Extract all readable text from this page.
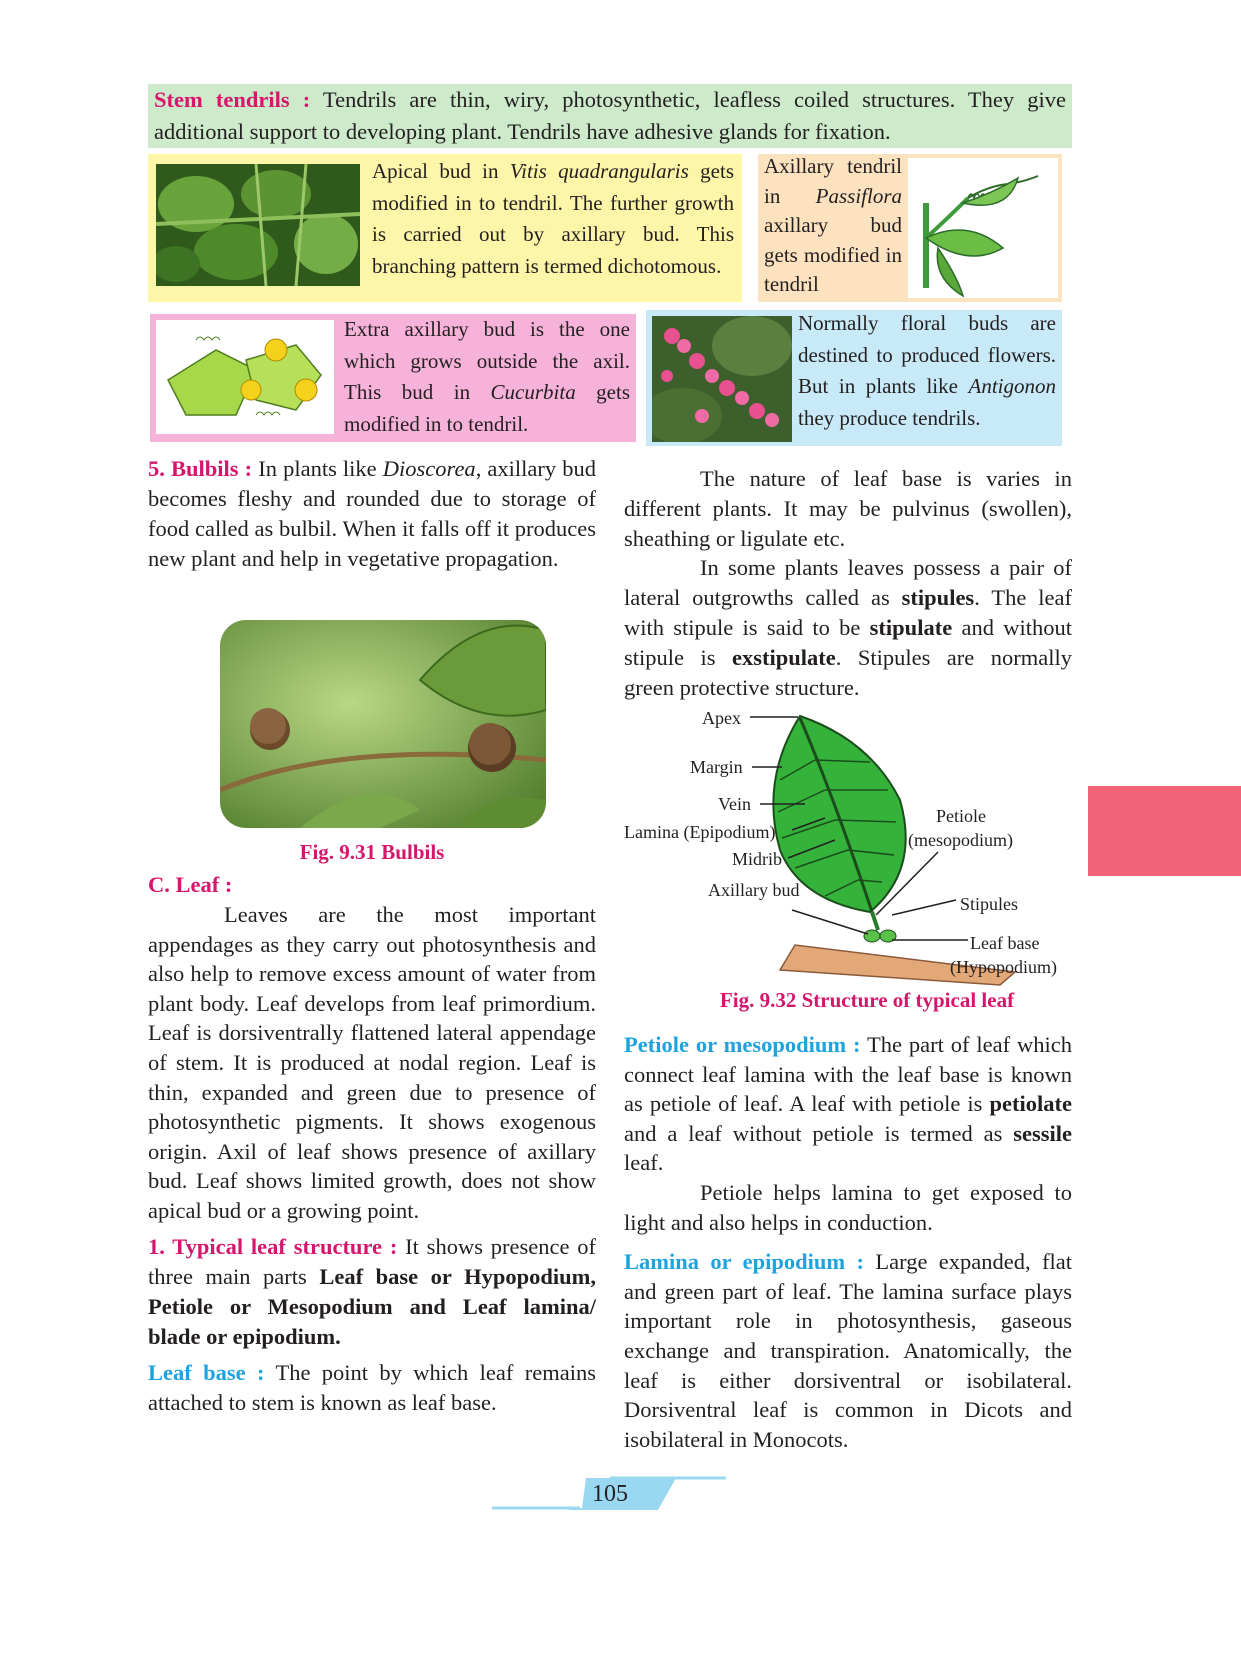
Stem tendrils : Tendrils are thin, wiry, photosynthetic, leafless coiled structures. They give additional support to developing plant. Tendrils have adhesive glands for fixation.

Apical bud in Vitis quadrangularis gets modified in to tendril. The further growth is carried out by axillary bud. This branching pattern is termed dichotomous.

Axillary tendril in Passiflora axillary bud gets modified in tendril

Extra axillary bud is the one which grows outside the axil. This bud in Cucurbita gets modified in to tendril.

Normally floral buds are destined to produced flowers. But in plants like Antigonon they produce tendrils.

5. Bulbils : In plants like Dioscorea, axillary bud becomes fleshy and rounded due to storage of food called as bulbil. When it falls off it produces new plant and help in vegetative propagation.

Fig. 9.31 Bulbils

C. Leaf :

Leaves are the most important appendages as they carry out photosynthesis and also help to remove excess amount of water from plant body. Leaf develops from leaf primordium. Leaf is dorsiventrally flattened lateral appendage of stem. It is produced at nodal region. Leaf is thin, expanded and green due to presence of photosynthetic pigments. It shows exogenous origin. Axil of leaf shows presence of axillary bud. Leaf shows limited growth, does not show apical bud or a growing point.

1. Typical leaf structure : It shows presence of three main parts Leaf base or Hypopodium, Petiole or Mesopodium and Leaf lamina/ blade or epipodium.

Leaf base : The point by which leaf remains attached to stem is known as leaf base.

The nature of leaf base is varies in different plants. It may be pulvinus (swollen), sheathing or ligulate etc.

In some plants leaves possess a pair of lateral outgrowths called as stipules. The leaf with stipule is said to be stipulate and without stipule is exstipulate. Stipules are normally green protective structure.

Apex
Margin
Vein
Lamina (Epipodium)
Midrib
Axillary bud
Petiole
(mesopodium)
Stipules
Leaf base
(Hypopodium)
Fig. 9.32 Structure of typical leaf

Petiole or mesopodium : The part of leaf which connect leaf lamina with the leaf base is known as petiole of leaf. A leaf with petiole is petiolate and a leaf without petiole is termed as sessile leaf.

Petiole helps lamina to get exposed to light and also helps in conduction.

Lamina or epipodium : Large expanded, flat and green part of leaf. The lamina surface plays important role in photosynthesis, gaseous exchange and transpiration. Anatomically, the leaf is either dorsiventral or isobilateral. Dorsiventral leaf is common in Dicots and isobilateral in Monocots.

105
